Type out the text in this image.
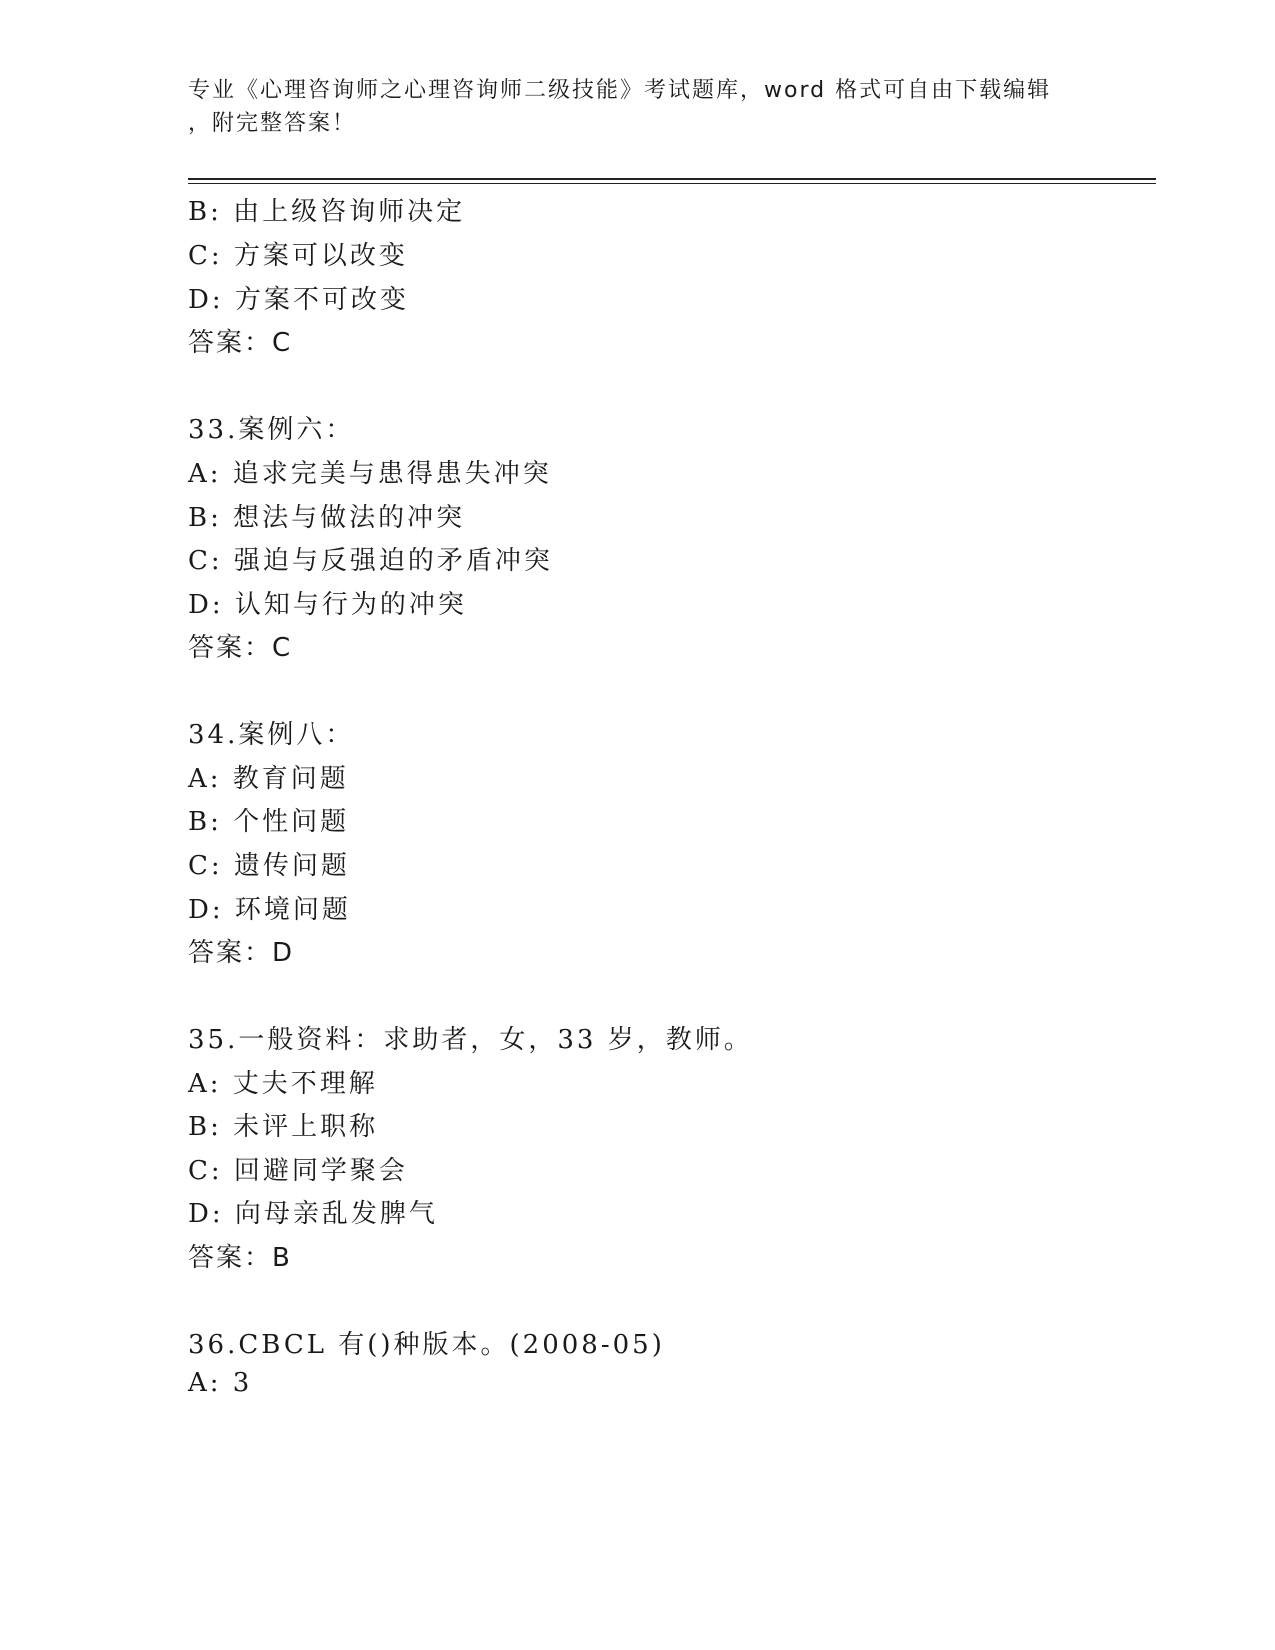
专业《心理咨询师之心理咨询师二级技能》考试题库，word 格式可自由下载编辑
，附完整答案！
B: 由上级咨询师决定
C: 方案可以改变
D: 方案不可改变
答案：C
33.案例六：
A: 追求完美与患得患失冲突
B: 想法与做法的冲突
C: 强迫与反强迫的矛盾冲突
D: 认知与行为的冲突
答案：C
34.案例八：
A: 教育问题
B: 个性问题
C: 遗传问题
D: 环境问题
答案：D
35.一般资料：求助者，女，33 岁，教师。
A: 丈夫不理解
B: 未评上职称
C: 回避同学聚会
D: 向母亲乱发脾气
答案：B
36.CBCL 有()种版本。(2008-05)
A: 3
